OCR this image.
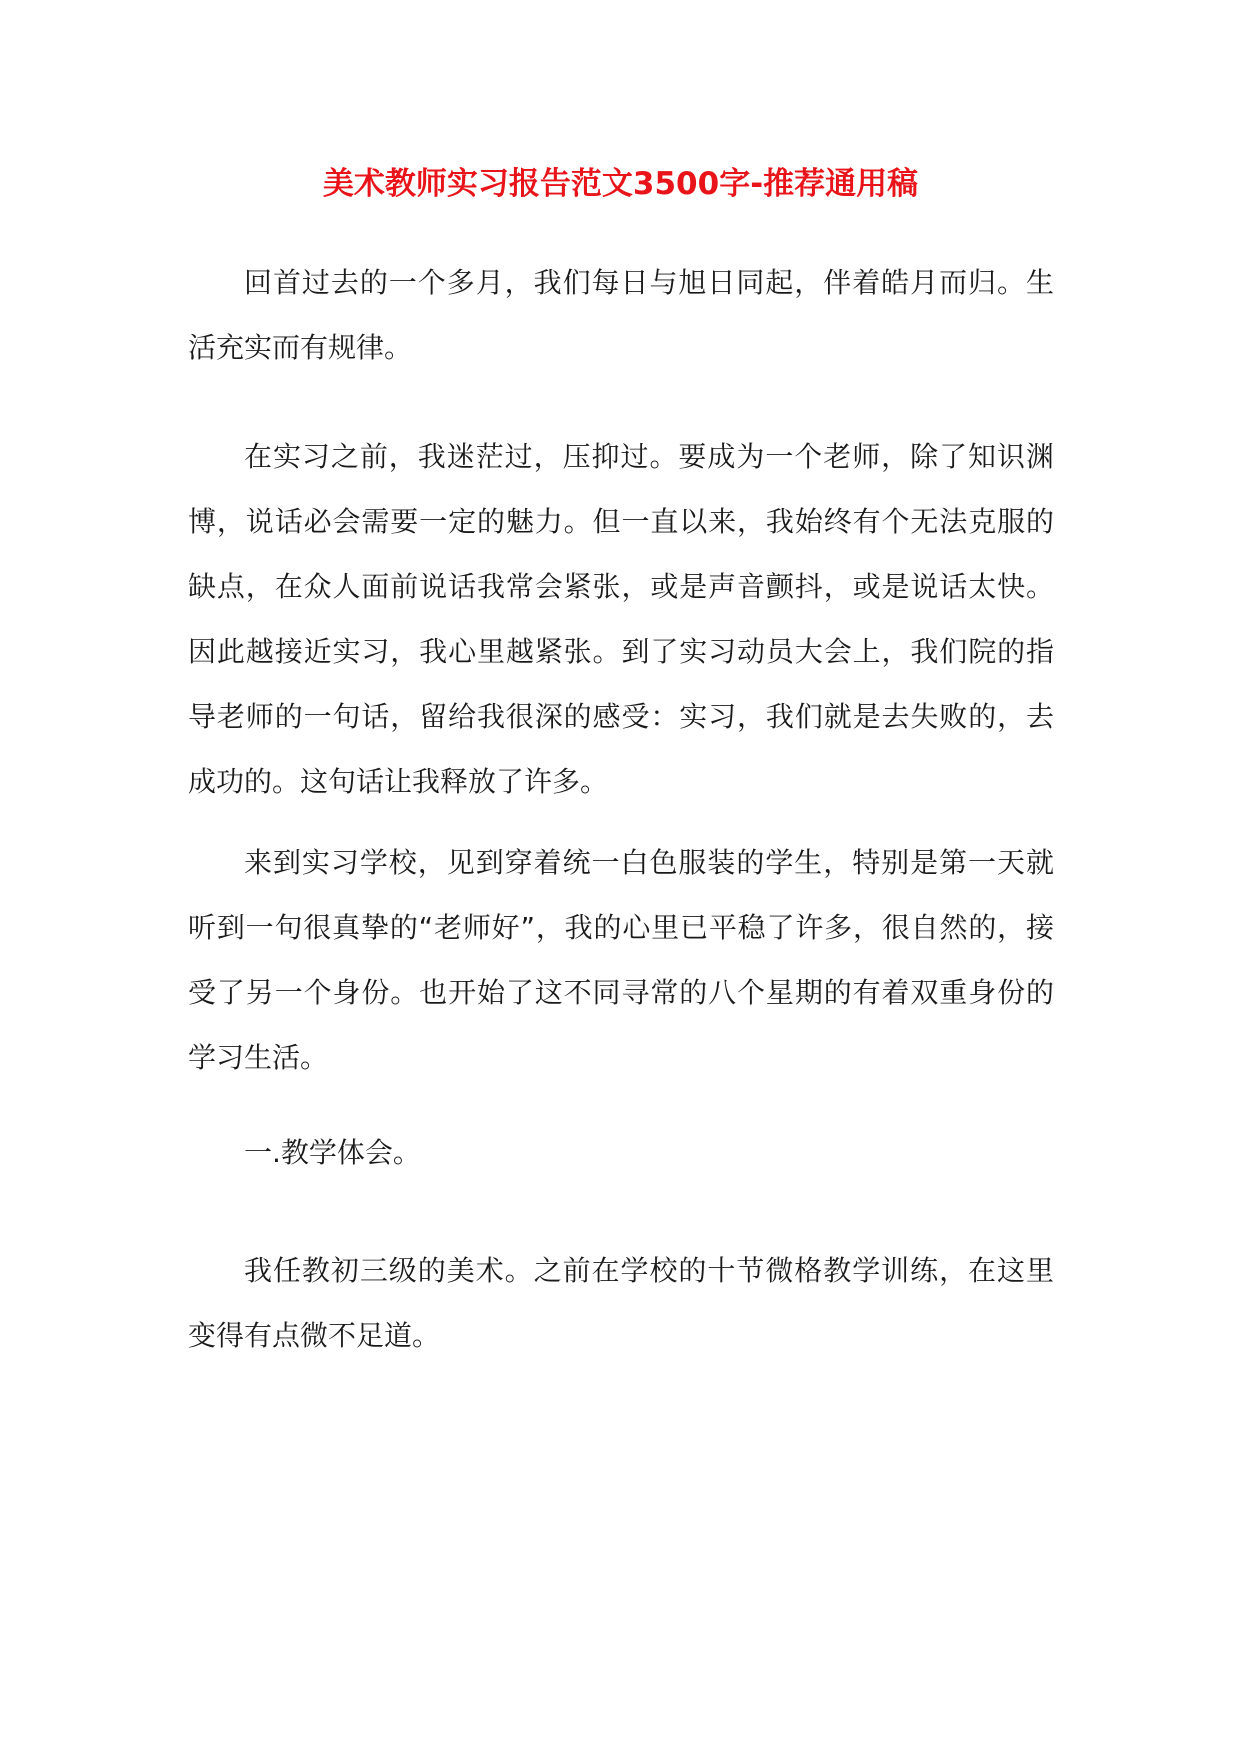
美术教师实习报告范文3500字-推荐通用稿

回首过去的一个多月，我们每日与旭日同起，伴着皓月而归。生活充实而有规律。

在实习之前，我迷茫过，压抑过。要成为一个老师，除了知识渊博，说话必会需要一定的魅力。但一直以来，我始终有个无法克服的缺点，在众人面前说话我常会紧张，或是声音颤抖，或是说话太快。因此越接近实习，我心里越紧张。到了实习动员大会上，我们院的指导老师的一句话，留给我很深的感受：实习，我们就是去失败的，去成功的。这句话让我释放了许多。

来到实习学校，见到穿着统一白色服装的学生，特别是第一天就听到一句很真挚的“老师好”，我的心里已平稳了许多，很自然的，接受了另一个身份。也开始了这不同寻常的八个星期的有着双重身份的学习生活。

一.教学体会。

我任教初三级的美术。之前在学校的十节微格教学训练，在这里变得有点微不足道。
